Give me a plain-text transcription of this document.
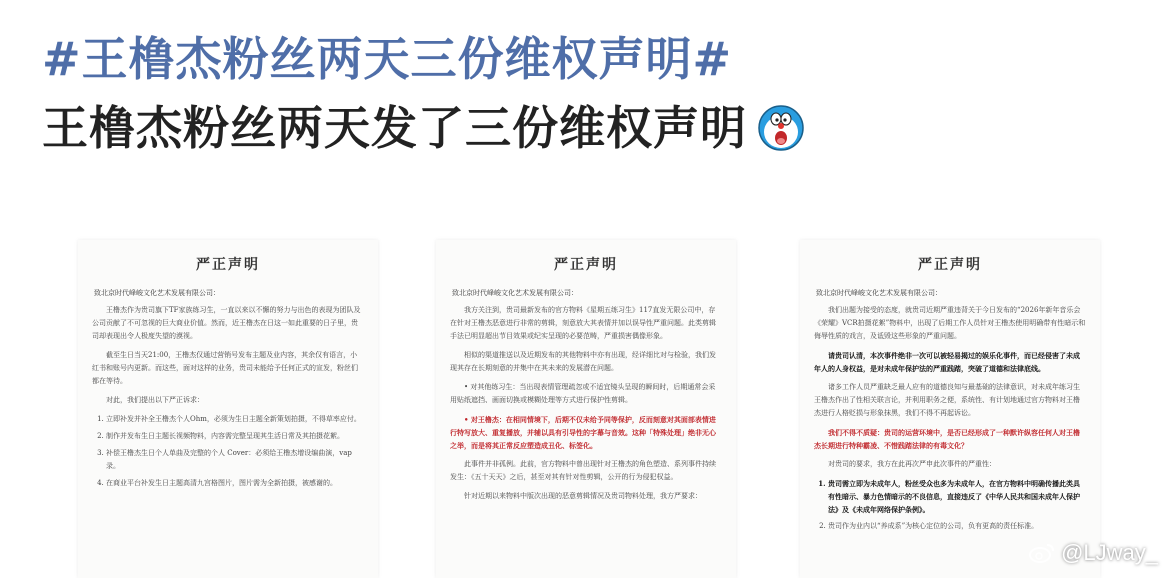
#王橹杰粉丝两天三份维权声明#
王橹杰粉丝两天发了三份维权声明
严正声明
致北京时代峰峻文化艺术发展有限公司：

王橹杰作为贵司旗下TF家族练习生，一直以来以不懈的努力与出色的表现为团队及公司贡献了不可忽视的巨大商业价值。然而，近王橹杰在日这一如此重要的日子里，贵司却表现出令人极度失望的漠视。

截至生日当天21:00，王橹杰仅通过营销号发布主题及业内容，其余仅有语言，小红书和账号内更新。而这些，面对这样的业务，贵司未能给予任何正式的宣发，粉丝们都在等待。

对此，我们提出以下严正诉求：

1. 立即补发并补全王橹杰个人Ohm，必须为生日主题全新策划拍摄，不得草率应付。
2. 制作并发布生日主题长视频物料，内容需完整呈现其生活日常及其拍摄花絮。
3. 补偿王橹杰生日个人单曲及完整的个人 Cover：必须给王橹杰增设编曲演，vap 录。
4. 在商业平台补发生日主题高清九宫格图片，图片需为全新拍摄，被感谢的。
严正声明
致北京时代峰峻文化艺术发展有限公司：

我方关注到，贵司最新发布的官方物料《星期五练习生》117直发无限公司中，存在针对王橹杰恶意进行非常的剪辑，刻意放大其表情并加以误导性严重问题。此类剪辑手法已明显超出节目效果或纪实呈现的必要范畴，严重损害偶像形象。

相似的渠道推送以及近期发布的其他物料中亦有出现，经详细比对与检验，我们发现其存在长期刻意的并集中在其未来的发展潜在问题。

• 对其他练习生：当出现表情管理疏忽或不适宜镜头呈现的瞬间时，后期通常会采用贴纸遮挡、画面切换或模糊处理等方式进行保护性剪辑。

• 对王橹杰：在相同情境下，后期不仅未给予同等保护，反而刻意对其面部表情进行特写放大、重复播放，并辅以具有引导性的字幕与音效。这种「特殊处理」绝非无心之举，而是将其正常反应塑造成丑化、标签化。

此事件并非孤例。此前，官方物料中曾出现针对王橹杰的角色塑造、系列事件持续发生：《五十天天》之后，甚至对其有针对性剪辑，公开的行为侵犯权益。

针对近期以来物料中版次出现的恶意剪辑情况及贵司物料处理，我方严要求：

严正声明
致北京时代峰峻文化艺术发展有限公司：

我们出题为接受的态度，就贵司近期严重违背关于今日发布的“2026年新年音乐会《荣耀》VCR拍摄花絮”物料中，出现了后期工作人员针对王橹杰使用明确带有性暗示和侮辱性质的戏言，及诋毁这些形象的严重问题。

请贵司认清，本次事件绝非一次可以被轻易揭过的娱乐化事件，而已经侵害了未成年人的人身权益，是对未成年保护法的严重践踏，突破了道德和法律底线。

诸多工作人员严重缺乏最人应有的道德良知与最基础的法律意识，对未成年练习生王橹杰作出了性相关联言论，并利用职务之便，系统性、有计划地通过官方物料对王橹杰进行人格贬损与形象抹黑，我们不得不再起诉讼。

我们不得不质疑：贵司的运营环境中，是否已经形成了一种默许纵容任何人对王橹杰长期进行特种霸凌、不惜践踏法律的有毒文化？

对贵司的要求，我方在此再次严申此次事件的严重性：

1. 贵司需立即为未成年人，粉丝受众也多为未成年人，在官方物料中明确传播此类具有性暗示、暴力色情暗示的不良信息，直接违反了《中华人民共和国未成年人保护法》及《未成年网络保护条例》。
2. 贵司作为业内以“养成系”为核心定位的公司，负有更高的责任标准。
@LJway_
